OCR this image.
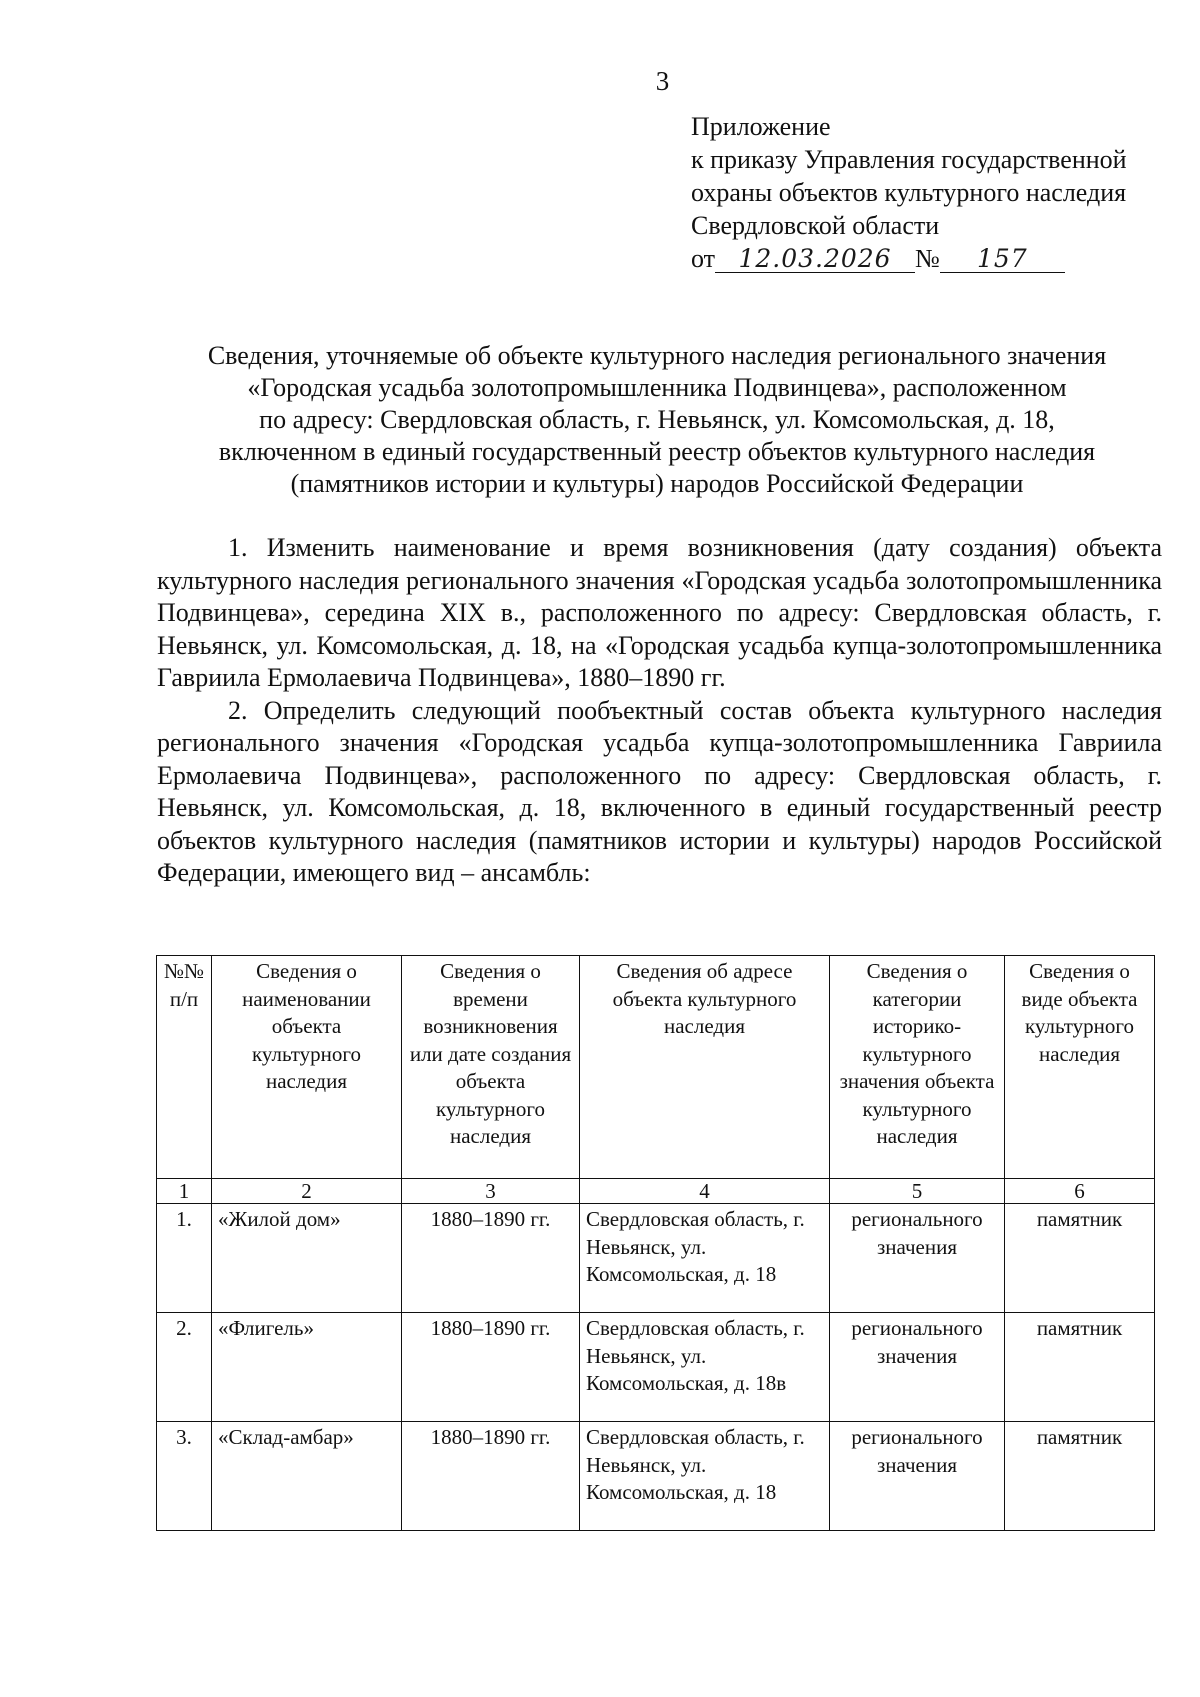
3
Приложение
к приказу Управления государственной
охраны объектов культурного наследия
Свердловской области
от 12.03.2026 № 157
Сведения, уточняемые об объекте культурного наследия регионального значения
«Городская усадьба золотопромышленника Подвинцева», расположенном
по адресу: Свердловская область, г. Невьянск, ул. Комсомольская, д. 18,
включенном в единый государственный реестр объектов культурного наследия
(памятников истории и культуры) народов Российской Федерации

1. Изменить наименование и время возникновения (дату создания) объекта культурного наследия регионального значения «Городская усадьба золотопромышленника Подвинцева», середина XIX в., расположенного по адресу: Свердловская область, г. Невьянск, ул. Комсомольская, д. 18, на «Городская усадьба купца-золотопромышленника Гавриила Ермолаевича Подвинцева», 1880–1890 гг.

2. Определить следующий пообъектный состав объекта культурного наследия регионального значения «Городская усадьба купца-золотопромышленника Гавриила Ермолаевича Подвинцева», расположенного по адресу: Свердловская область, г. Невьянск, ул. Комсомольская, д. 18, включенного в единый государственный реестр объектов культурного наследия (памятников истории и культуры) народов Российской Федерации, имеющего вид – ансамбль:

№№ п/п	Сведения о наименовании объекта культурного наследия	Сведения о времени возникновения или дате создания объекта культурного наследия	Сведения об адресе объекта культурного наследия	Сведения о категории историко-культурного значения объекта культурного наследия	Сведения о виде объекта культурного наследия
1	2	3	4	5	6
1.	«Жилой дом»	1880–1890 гг.	Свердловская область, г. Невьянск, ул. Комсомольская, д. 18	регионального значения	памятник
2.	«Флигель»	1880–1890 гг.	Свердловская область, г. Невьянск, ул. Комсомольская, д. 18в	регионального значения	памятник
3.	«Склад-амбар»	1880–1890 гг.	Свердловская область, г. Невьянск, ул. Комсомольская, д. 18	регионального значения	памятник
